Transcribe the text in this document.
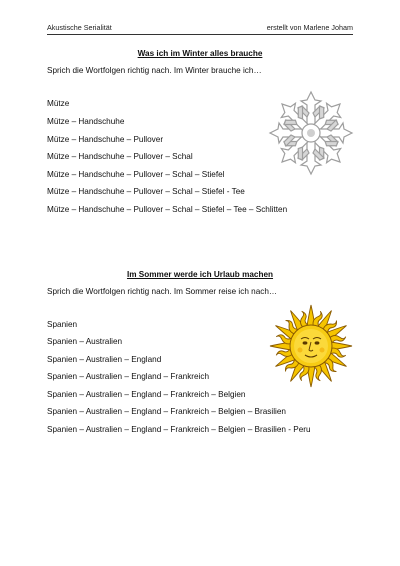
Akustische Serialität	erstellt von Marlene Joham
Was ich im Winter alles brauche
Sprich die Wortfolgen richtig nach. Im Winter brauche ich…
Mütze
Mütze – Handschuhe
Mütze – Handschuhe – Pullover
Mütze – Handschuhe – Pullover – Schal
Mütze – Handschuhe – Pullover – Schal – Stiefel
Mütze – Handschuhe – Pullover – Schal – Stiefel - Tee
Mütze – Handschuhe – Pullover – Schal – Stiefel – Tee – Schlitten
Im Sommer werde ich Urlaub machen
Sprich die Wortfolgen richtig nach. Im Sommer reise ich nach…
Spanien
Spanien – Australien
Spanien – Australien – England
Spanien – Australien – England – Frankreich
Spanien – Australien – England – Frankreich – Belgien
Spanien – Australien – England – Frankreich – Belgien – Brasilien
Spanien – Australien – England – Frankreich – Belgien – Brasilien - Peru
